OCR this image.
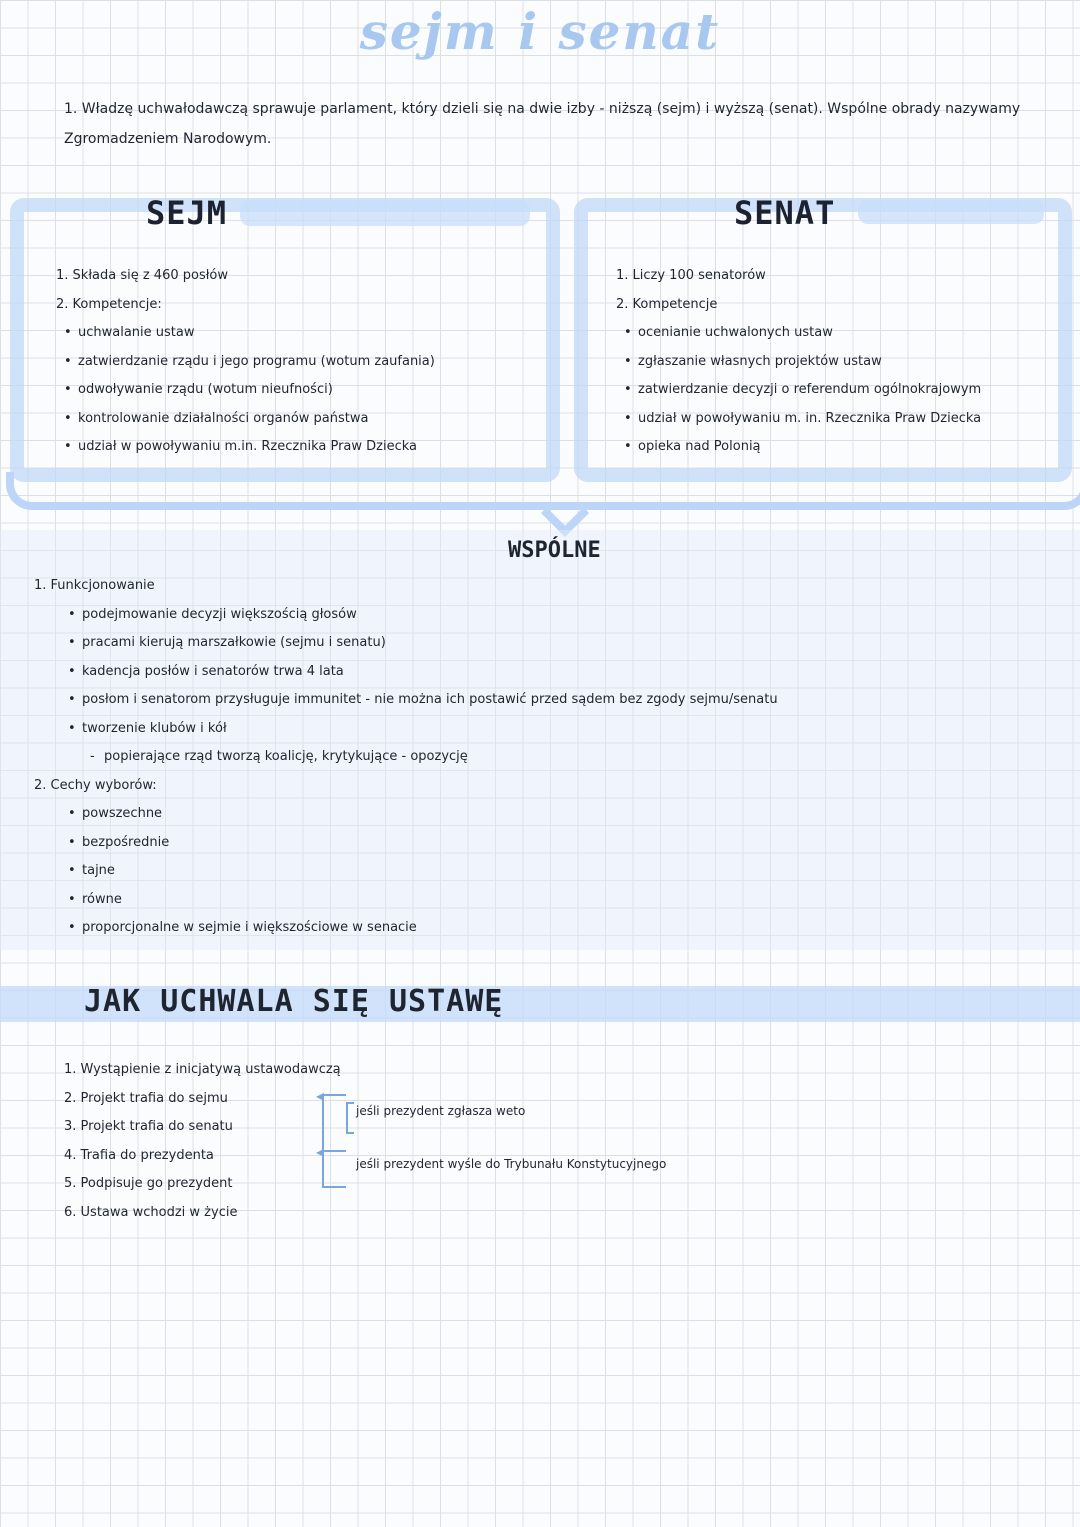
sejm i senat
1. Władzę uchwałodawczą sprawuje parlament, który dzieli się na dwie izby - niższą (sejm) i wyższą (senat). Wspólne obrady nazywamy Zgromadzeniem Narodowym.
SEJM
1. Składa się z 460 posłów
2. Kompetencje:
• uchwalanie ustaw
• zatwierdzanie rządu i jego programu (wotum zaufania)
• odwoływanie rządu (wotum nieufności)
• kontrolowanie działalności organów państwa
• udział w powoływaniu m.in. Rzecznika Praw Dziecka
SENAT
1. Liczy 100 senatorów
2. Kompetencje
• ocenianie uchwalonych ustaw
• zgłaszanie własnych projektów ustaw
• zatwierdzanie decyzji o referendum ogólnokrajowym
• udział w powoływaniu m. in. Rzecznika Praw Dziecka
• opieka nad Polonią
WSPÓLNE
1. Funkcjonowanie
• podejmowanie decyzji większością głosów
• pracami kierują marszałkowie (sejmu i senatu)
• kadencja posłów i senatorów trwa 4 lata
• posłom i senatorom przysługuje immunitet - nie można ich postawić przed sądem bez zgody sejmu/senatu
• tworzenie klubów i kół
- popierające rząd tworzą koalicję, krytykujące - opozycję
2. Cechy wyborów:
• powszechne
• bezpośrednie
• tajne
• równe
• proporcjonalne w sejmie i większościowe w senacie
JAK UCHWALA SIĘ USTAWĘ
1. Wystąpienie z inicjatywą ustawodawczą
2. Projekt trafia do sejmu
3. Projekt trafia do senatu
4. Trafia do prezydenta
5. Podpisuje go prezydent
6. Ustawa wchodzi w życie
◂
◂
jeśli prezydent zgłasza weto
jeśli prezydent wyśle do Trybunału Konstytucyjnego
